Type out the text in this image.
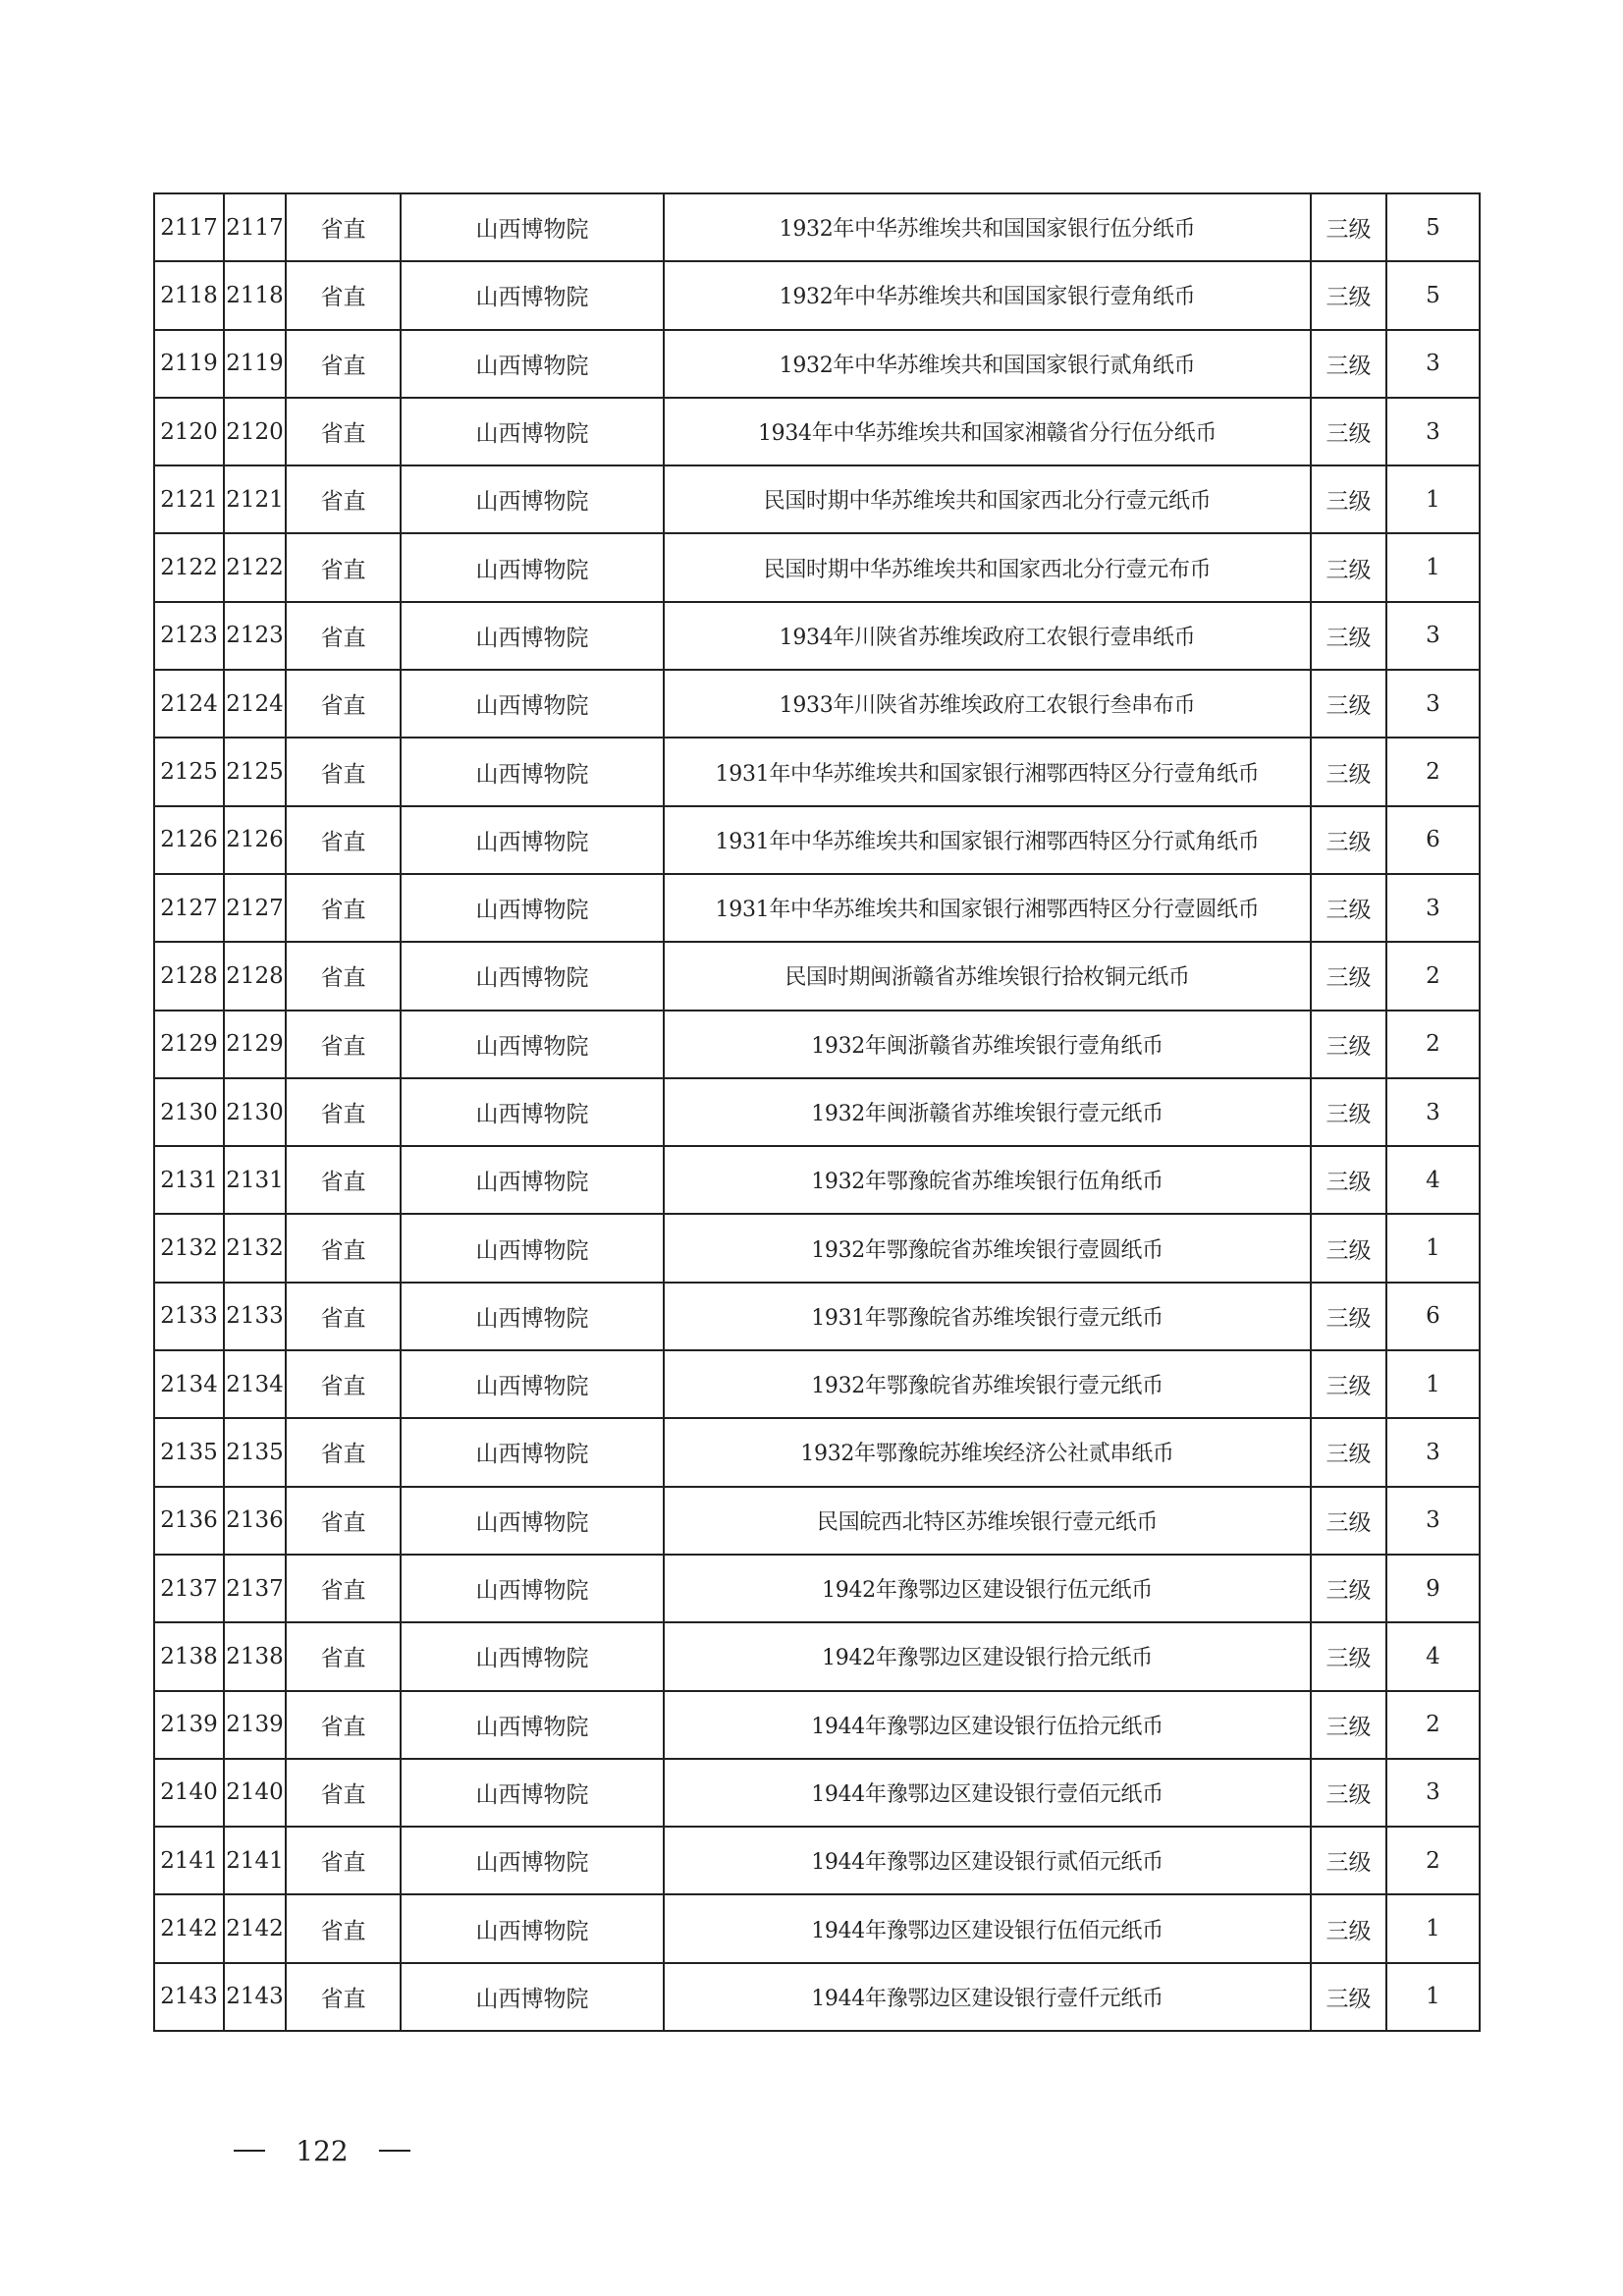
2117	2117	省直	山西博物院	1932年中华苏维埃共和国国家银行伍分纸币	三级	5
2118	2118	省直	山西博物院	1932年中华苏维埃共和国国家银行壹角纸币	三级	5
2119	2119	省直	山西博物院	1932年中华苏维埃共和国国家银行贰角纸币	三级	3
2120	2120	省直	山西博物院	1934年中华苏维埃共和国家湘赣省分行伍分纸币	三级	3
2121	2121	省直	山西博物院	民国时期中华苏维埃共和国家西北分行壹元纸币	三级	1
2122	2122	省直	山西博物院	民国时期中华苏维埃共和国家西北分行壹元布币	三级	1
2123	2123	省直	山西博物院	1934年川陕省苏维埃政府工农银行壹串纸币	三级	3
2124	2124	省直	山西博物院	1933年川陕省苏维埃政府工农银行叁串布币	三级	3
2125	2125	省直	山西博物院	1931年中华苏维埃共和国家银行湘鄂西特区分行壹角纸币	三级	2
2126	2126	省直	山西博物院	1931年中华苏维埃共和国家银行湘鄂西特区分行贰角纸币	三级	6
2127	2127	省直	山西博物院	1931年中华苏维埃共和国家银行湘鄂西特区分行壹圆纸币	三级	3
2128	2128	省直	山西博物院	民国时期闽浙赣省苏维埃银行拾枚铜元纸币	三级	2
2129	2129	省直	山西博物院	1932年闽浙赣省苏维埃银行壹角纸币	三级	2
2130	2130	省直	山西博物院	1932年闽浙赣省苏维埃银行壹元纸币	三级	3
2131	2131	省直	山西博物院	1932年鄂豫皖省苏维埃银行伍角纸币	三级	4
2132	2132	省直	山西博物院	1932年鄂豫皖省苏维埃银行壹圆纸币	三级	1
2133	2133	省直	山西博物院	1931年鄂豫皖省苏维埃银行壹元纸币	三级	6
2134	2134	省直	山西博物院	1932年鄂豫皖省苏维埃银行壹元纸币	三级	1
2135	2135	省直	山西博物院	1932年鄂豫皖苏维埃经济公社贰串纸币	三级	3
2136	2136	省直	山西博物院	民国皖西北特区苏维埃银行壹元纸币	三级	3
2137	2137	省直	山西博物院	1942年豫鄂边区建设银行伍元纸币	三级	9
2138	2138	省直	山西博物院	1942年豫鄂边区建设银行拾元纸币	三级	4
2139	2139	省直	山西博物院	1944年豫鄂边区建设银行伍拾元纸币	三级	2
2140	2140	省直	山西博物院	1944年豫鄂边区建设银行壹佰元纸币	三级	3
2141	2141	省直	山西博物院	1944年豫鄂边区建设银行贰佰元纸币	三级	2
2142	2142	省直	山西博物院	1944年豫鄂边区建设银行伍佰元纸币	三级	1
2143	2143	省直	山西博物院	1944年豫鄂边区建设银行壹仟元纸币	三级	1
122
